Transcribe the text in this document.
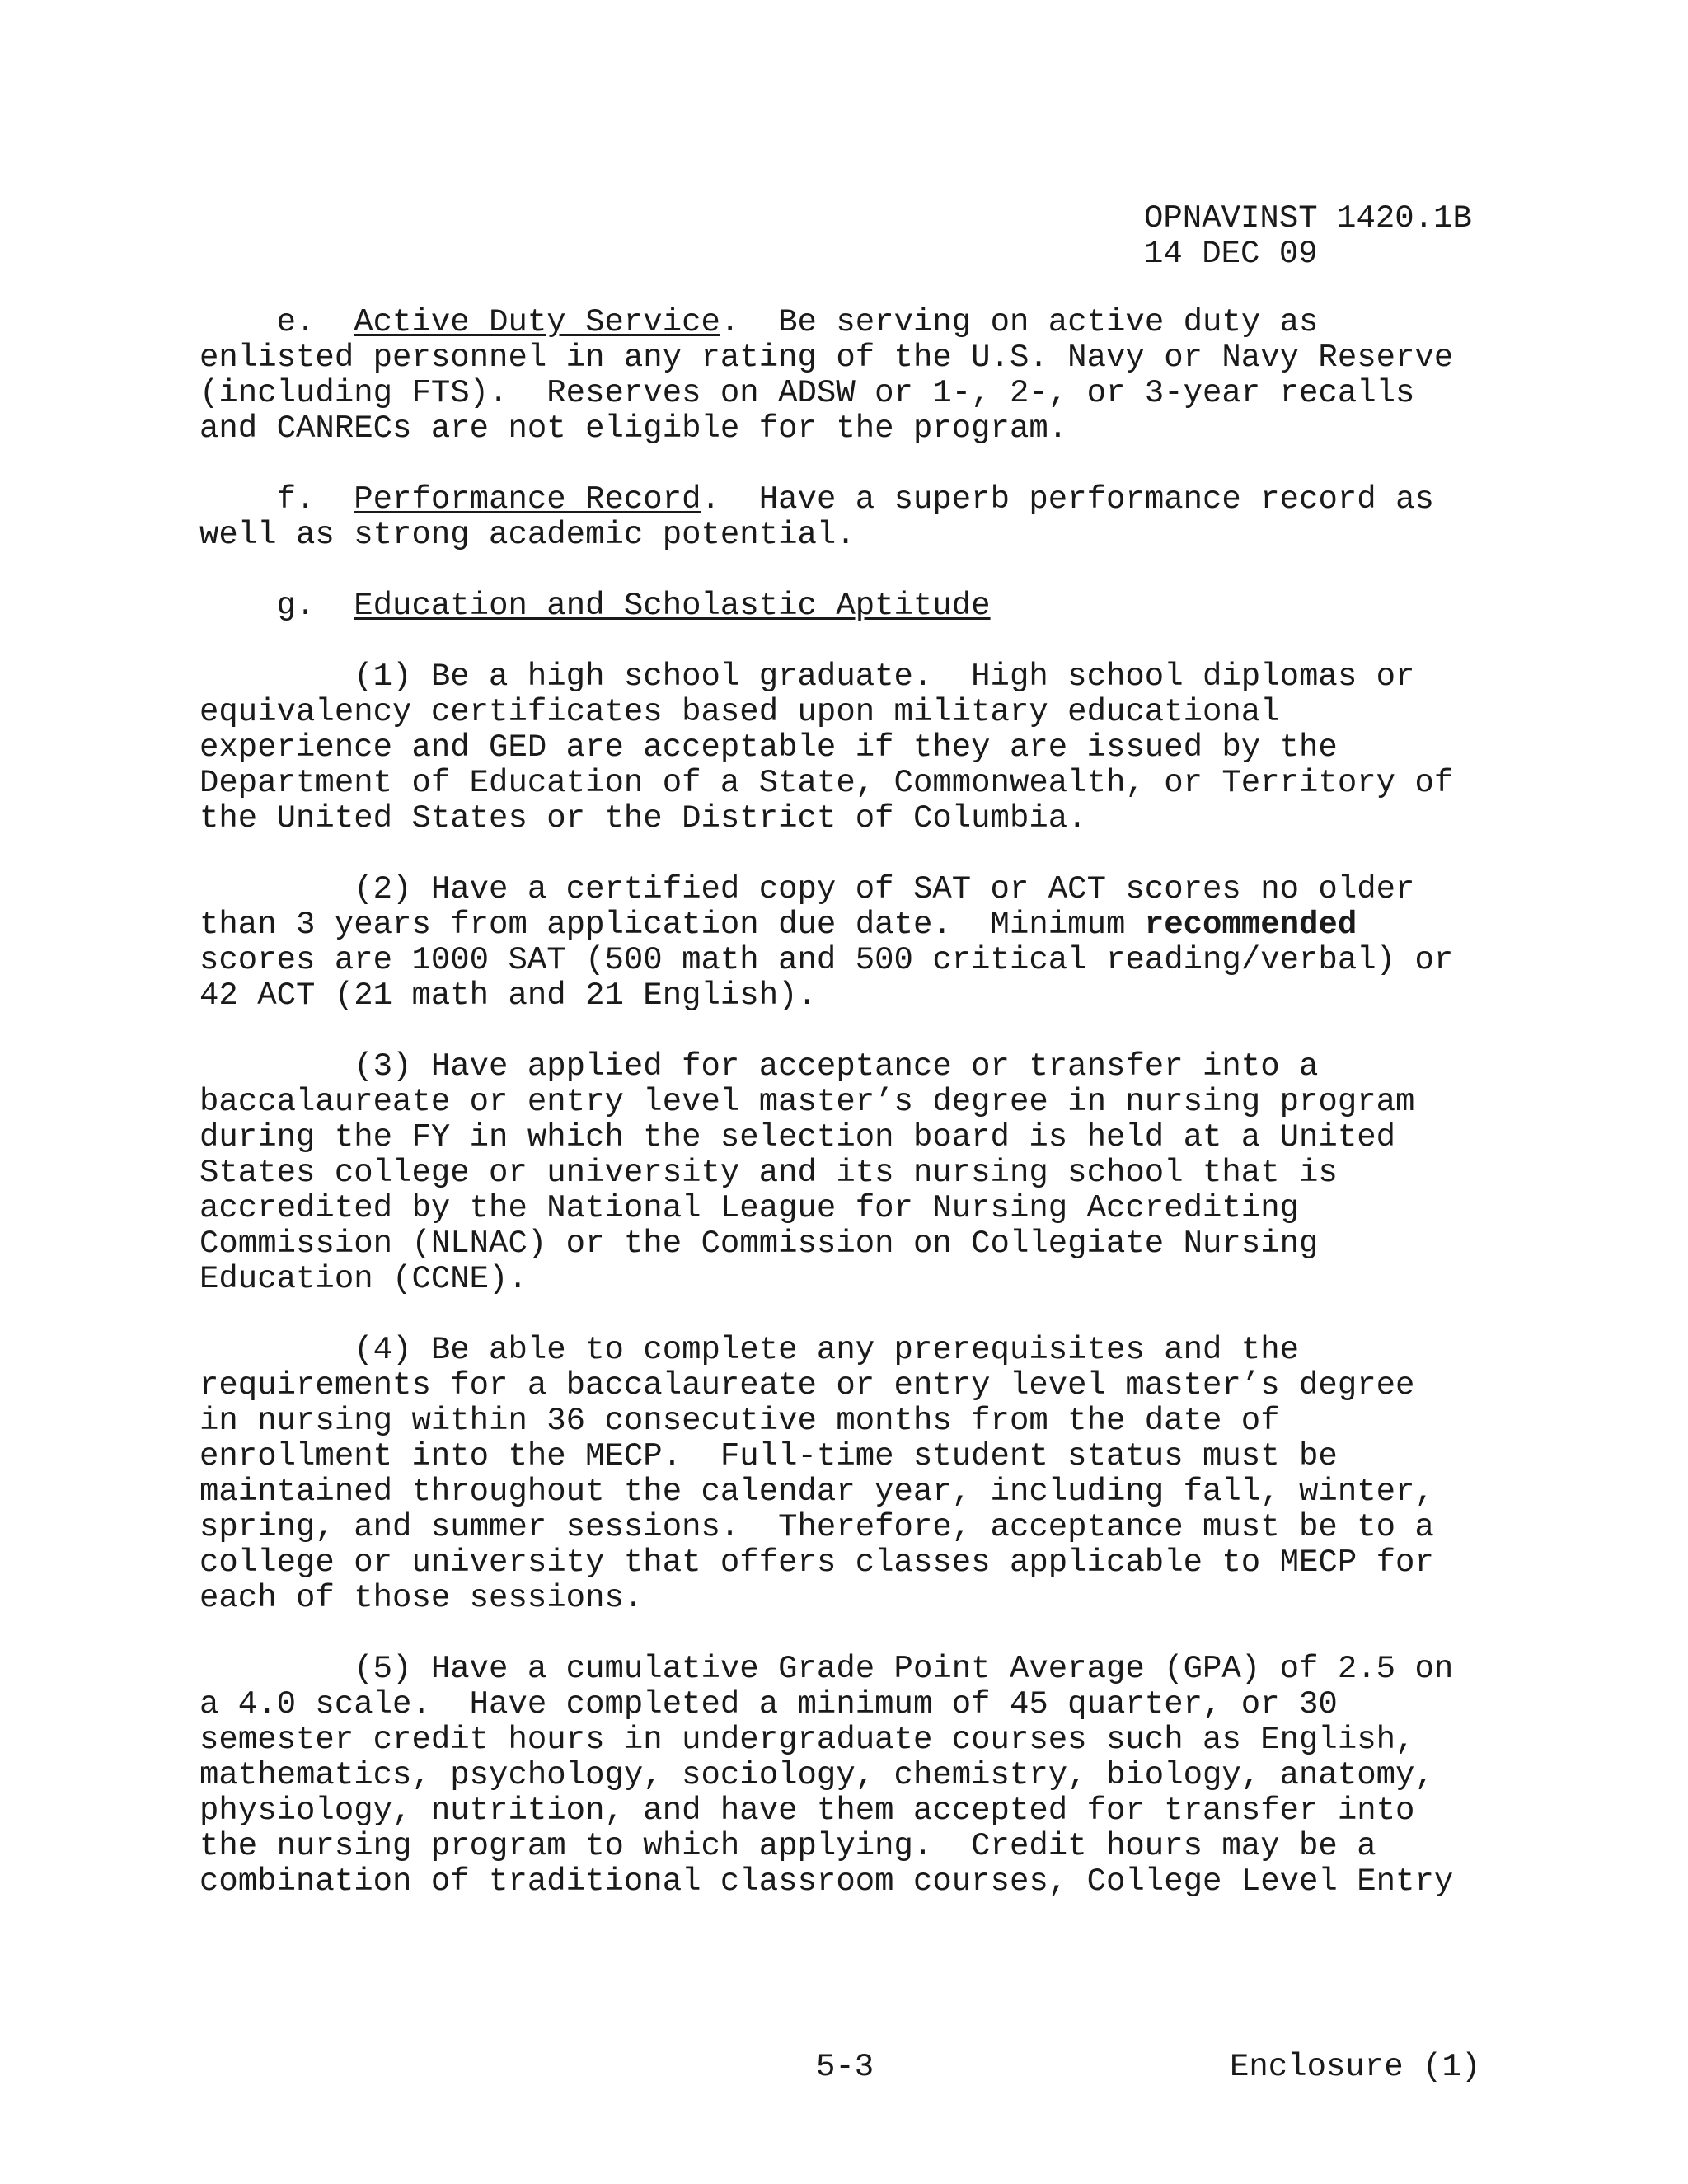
OPNAVINST 1420.1B
14 DEC 09
e. Active Duty Service.  Be serving on active duty as
enlisted personnel in any rating of the U.S. Navy or Navy Reserve
(including FTS).  Reserves on ADSW or 1-, 2-, or 3-year recalls
and CANRECs are not eligible for the program.
f. Performance Record.  Have a superb performance record as
well as strong academic potential.
g. Education and Scholastic Aptitude
(1) Be a high school graduate.  High school diplomas or
equivalency certificates based upon military educational
experience and GED are acceptable if they are issued by the
Department of Education of a State, Commonwealth, or Territory of
the United States or the District of Columbia.
(2) Have a certified copy of SAT or ACT scores no older
than 3 years from application due date.  Minimum recommended
scores are 1000 SAT (500 math and 500 critical reading/verbal) or
42 ACT (21 math and 21 English).
(3) Have applied for acceptance or transfer into a
baccalaureate or entry level master’s degree in nursing program
during the FY in which the selection board is held at a United
States college or university and its nursing school that is
accredited by the National League for Nursing Accrediting
Commission (NLNAC) or the Commission on Collegiate Nursing
Education (CCNE).
(4) Be able to complete any prerequisites and the
requirements for a baccalaureate or entry level master’s degree
in nursing within 36 consecutive months from the date of
enrollment into the MECP.  Full-time student status must be
maintained throughout the calendar year, including fall, winter,
spring, and summer sessions.  Therefore, acceptance must be to a
college or university that offers classes applicable to MECP for
each of those sessions.
(5) Have a cumulative Grade Point Average (GPA) of 2.5 on
a 4.0 scale.  Have completed a minimum of 45 quarter, or 30
semester credit hours in undergraduate courses such as English,
mathematics, psychology, sociology, chemistry, biology, anatomy,
physiology, nutrition, and have them accepted for transfer into
the nursing program to which applying.  Credit hours may be a
combination of traditional classroom courses, College Level Entry
5-3	Enclosure (1)
